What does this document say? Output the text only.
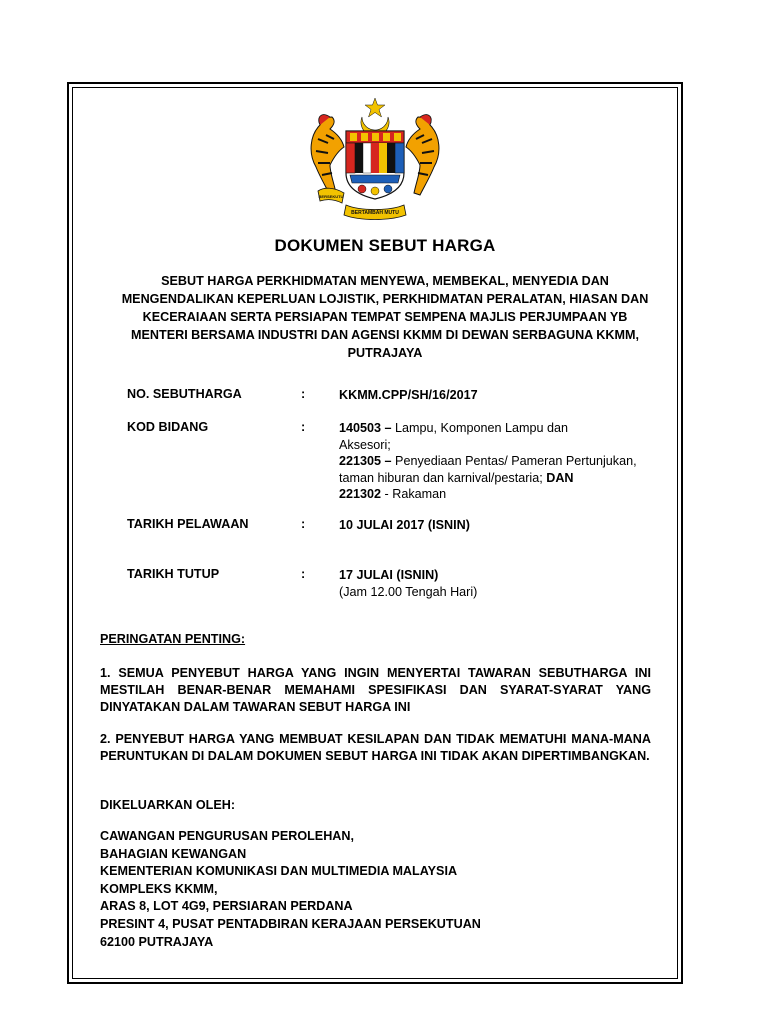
BERSEKUTU
BERTAMBAH MUTU
DOKUMEN SEBUT HARGA
SEBUT HARGA PERKHIDMATAN MENYEWA, MEMBEKAL, MENYEDIA DAN
MENGENDALIKAN KEPERLUAN LOJISTIK, PERKHIDMATAN PERALATAN, HIASAN DAN
KECERAIAAN SERTA PERSIAPAN TEMPAT SEMPENA MAJLIS PERJUMPAAN YB
MENTERI BERSAMA INDUSTRI DAN AGENSI KKMM DI DEWAN SERBAGUNA KKMM,
PUTRAJAYA
NO. SEBUTHARGA	:	KKMM.CPP/SH/16/2017
KOD BIDANG	:	140503 – Lampu, Komponen Lampu dan
Aksesori;
221305 – Penyediaan Pentas/ Pameran Pertunjukan,
taman hiburan dan karnival/pestaria; DAN
221302 - Rakaman
TARIKH PELAWAAN	:	10 JULAI 2017 (ISNIN)
TARIKH TUTUP	:	17 JULAI (ISNIN)
(Jam 12.00 Tengah Hari)
PERINGATAN PENTING:
1. SEMUA PENYEBUT HARGA YANG INGIN MENYERTAI TAWARAN SEBUTHARGA INI MESTILAH BENAR-BENAR MEMAHAMI SPESIFIKASI DAN SYARAT-SYARAT YANG DINYATAKAN DALAM TAWARAN SEBUT HARGA INI
2. PENYEBUT HARGA YANG MEMBUAT KESILAPAN DAN TIDAK MEMATUHI MANA-MANA PERUNTUKAN DI DALAM DOKUMEN SEBUT HARGA INI TIDAK AKAN DIPERTIMBANGKAN.
DIKELUARKAN OLEH:
CAWANGAN PENGURUSAN PEROLEHAN,
BAHAGIAN KEWANGAN
KEMENTERIAN KOMUNIKASI DAN MULTIMEDIA MALAYSIA
KOMPLEKS KKMM,
ARAS 8, LOT 4G9, PERSIARAN PERDANA
PRESINT 4, PUSAT PENTADBIRAN KERAJAAN PERSEKUTUAN
62100 PUTRAJAYA
